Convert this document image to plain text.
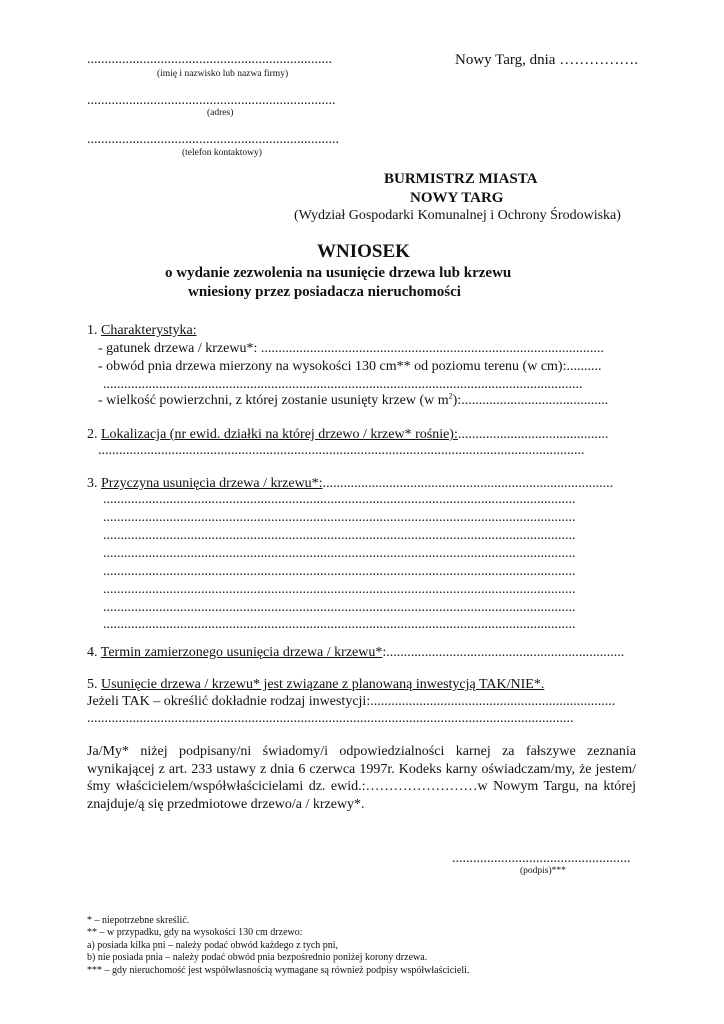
......................................................................
(imię i nazwisko lub nazwa firmy)
.......................................................................
(adres)
........................................................................
(telefon kontaktowy)
Nowy Targ, dnia …………….
BURMISTRZ MIASTA
NOWY TARG
(Wydział Gospodarki Komunalnej i Ochrony Środowiska)
WNIOSEK
o wydanie zezwolenia na usunięcie drzewa lub krzewu
wniesiony przez posiadacza nieruchomości
1. Charakterystyka:
- gatunek drzewa / krzewu*: ..................................................................................................
- obwód pnia drzewa mierzony na wysokości 130 cm** od poziomu terenu (w cm):..........
.........................................................................................................................................
- wielkość powierzchni, z której zostanie usunięty krzew (w $m^2$):..........................................
2. Lokalizacja (nr ewid. działki na której drzewo / krzew* rośnie):...........................................
...........................................................................................................................................
3. Przyczyna usunięcia drzewa / krzewu*:...................................................................................
.......................................................................................................................................
.......................................................................................................................................
.......................................................................................................................................
.......................................................................................................................................
.......................................................................................................................................
.......................................................................................................................................
.......................................................................................................................................
.......................................................................................................................................
4. Termin zamierzonego usunięcia drzewa / krzewu*:....................................................................
5. Usunięcie drzewa / krzewu* jest związane z planowaną inwestycją TAK/NIE*.
Jeżeli TAK – określić dokładnie rodzaj inwestycji:......................................................................
...........................................................................................................................................
Ja/My* niżej podpisany/ni świadomy/i odpowiedzialności karnej za fałszywe zeznania wynikającej z art. 233 ustawy z dnia 6 czerwca 1997r. Kodeks karny oświadczam/my, że jestem/śmy właścicielem/współwłaścicielami dz. ewid.:……………………w Nowym Targu, na której znajduje/ą się przedmiotowe drzewo/a / krzewy*.
...................................................
(podpis)***
* – niepotrzebne skreślić.
** – w przypadku, gdy na wysokości 130 cm drzewo:
a) posiada kilka pni – należy podać obwód każdego z tych pni,
b) nie posiada pnia – należy podać obwód pnia bezpośrednio poniżej korony drzewa.
*** – gdy nieruchomość jest współwłasnością wymagane są również podpisy współwłaścicieli.
